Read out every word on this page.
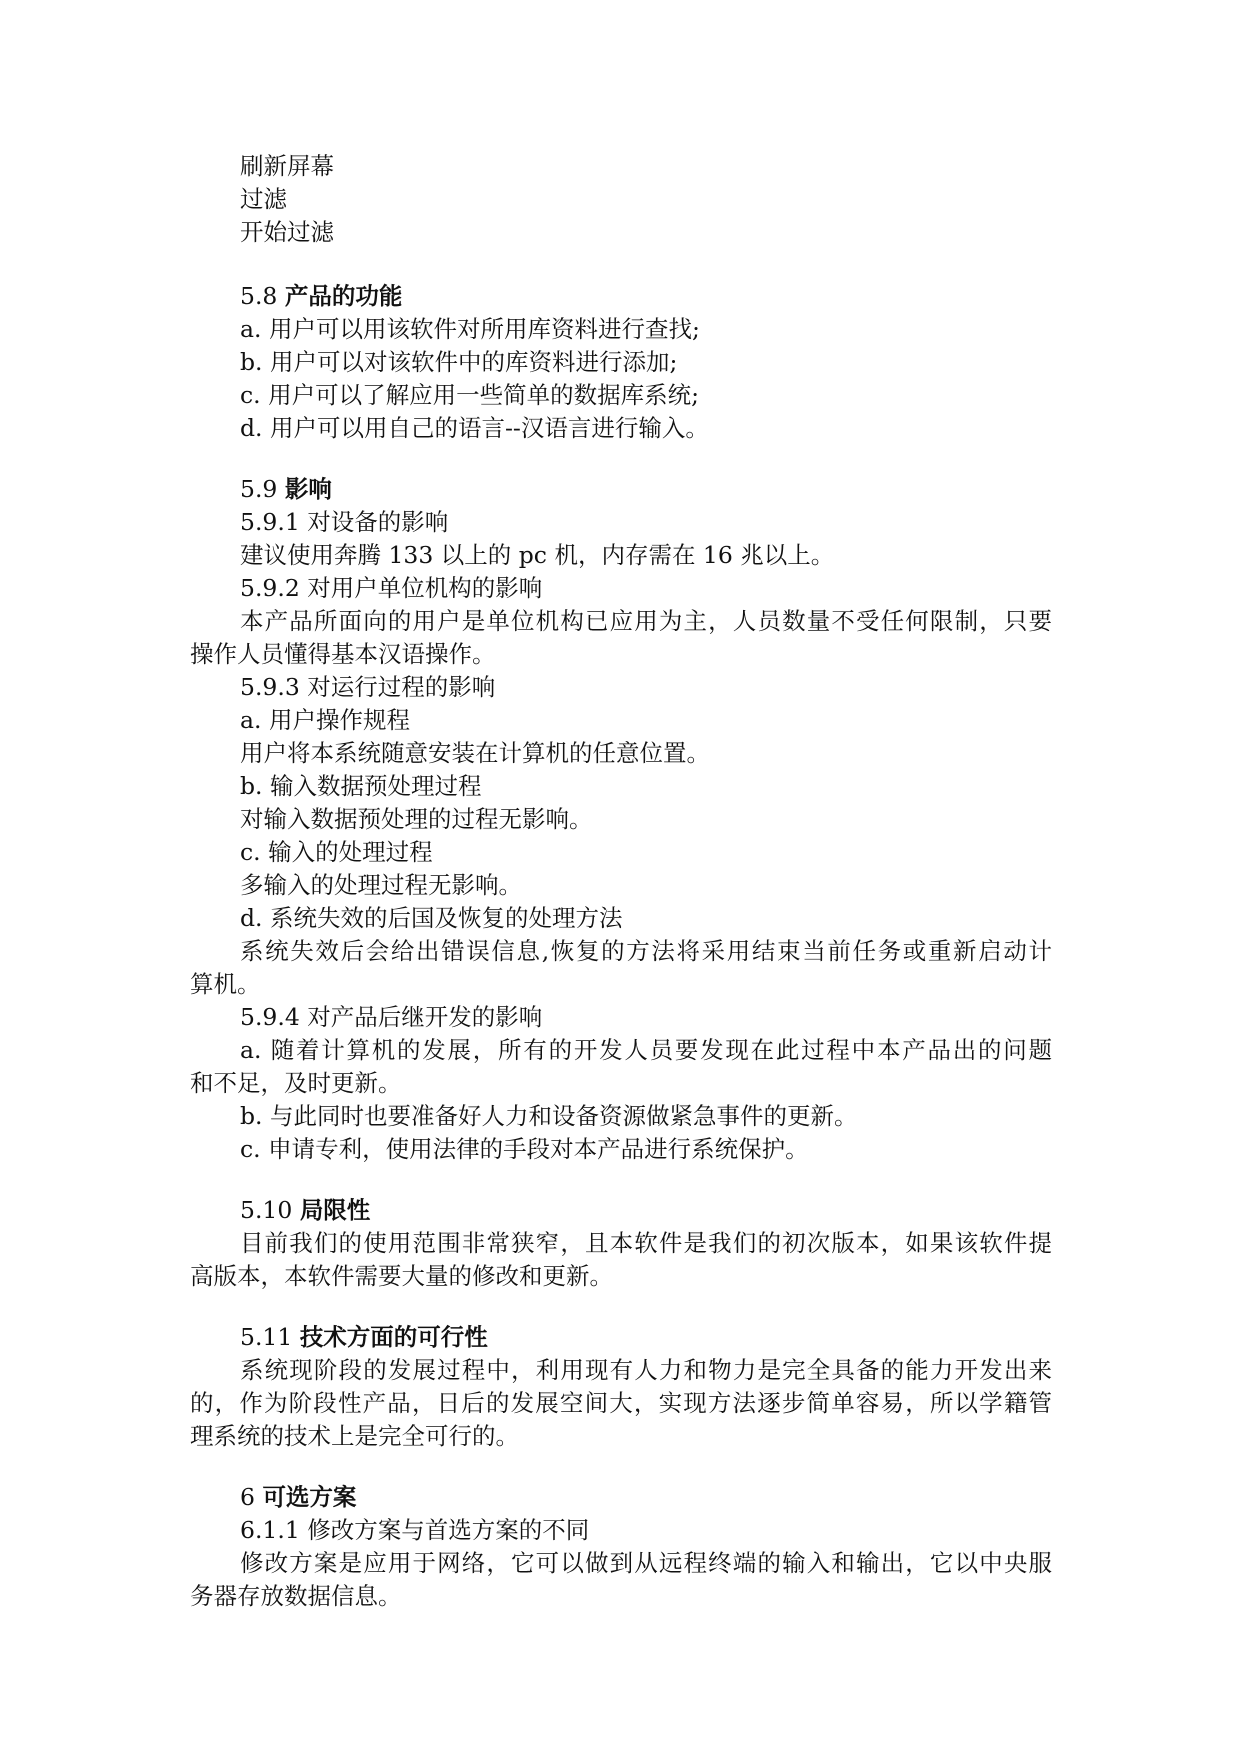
刷新屏幕
过滤
开始过滤
5.8 产品的功能
a. 用户可以用该软件对所用库资料进行查找;
b. 用户可以对该软件中的库资料进行添加;
c. 用户可以了解应用一些简单的数据库系统;
d. 用户可以用自己的语言--汉语言进行输入。
5.9 影响
5.9.1 对设备的影响
建议使用奔腾 133 以上的 pc 机，内存需在 16 兆以上。
5.9.2 对用户单位机构的影响
本产品所面向的用户是单位机构已应用为主，人员数量不受任何限制，只要
操作人员懂得基本汉语操作。
5.9.3 对运行过程的影响
a. 用户操作规程
用户将本系统随意安装在计算机的任意位置。
b. 输入数据预处理过程
对输入数据预处理的过程无影响。
c. 输入的处理过程
多输入的处理过程无影响。
d. 系统失效的后国及恢复的处理方法
系统失效后会给出错误信息,恢复的方法将采用结束当前任务或重新启动计
算机。
5.9.4 对产品后继开发的影响
a. 随着计算机的发展，所有的开发人员要发现在此过程中本产品出的问题
和不足，及时更新。
b. 与此同时也要准备好人力和设备资源做紧急事件的更新。
c. 申请专利，使用法律的手段对本产品进行系统保护。
5.10 局限性
目前我们的使用范围非常狭窄，且本软件是我们的初次版本，如果该软件提
高版本，本软件需要大量的修改和更新。
5.11 技术方面的可行性
系统现阶段的发展过程中，利用现有人力和物力是完全具备的能力开发出来
的，作为阶段性产品，日后的发展空间大，实现方法逐步简单容易，所以学籍管
理系统的技术上是完全可行的。
6 可选方案
6.1.1 修改方案与首选方案的不同
修改方案是应用于网络，它可以做到从远程终端的输入和输出，它以中央服
务器存放数据信息。
